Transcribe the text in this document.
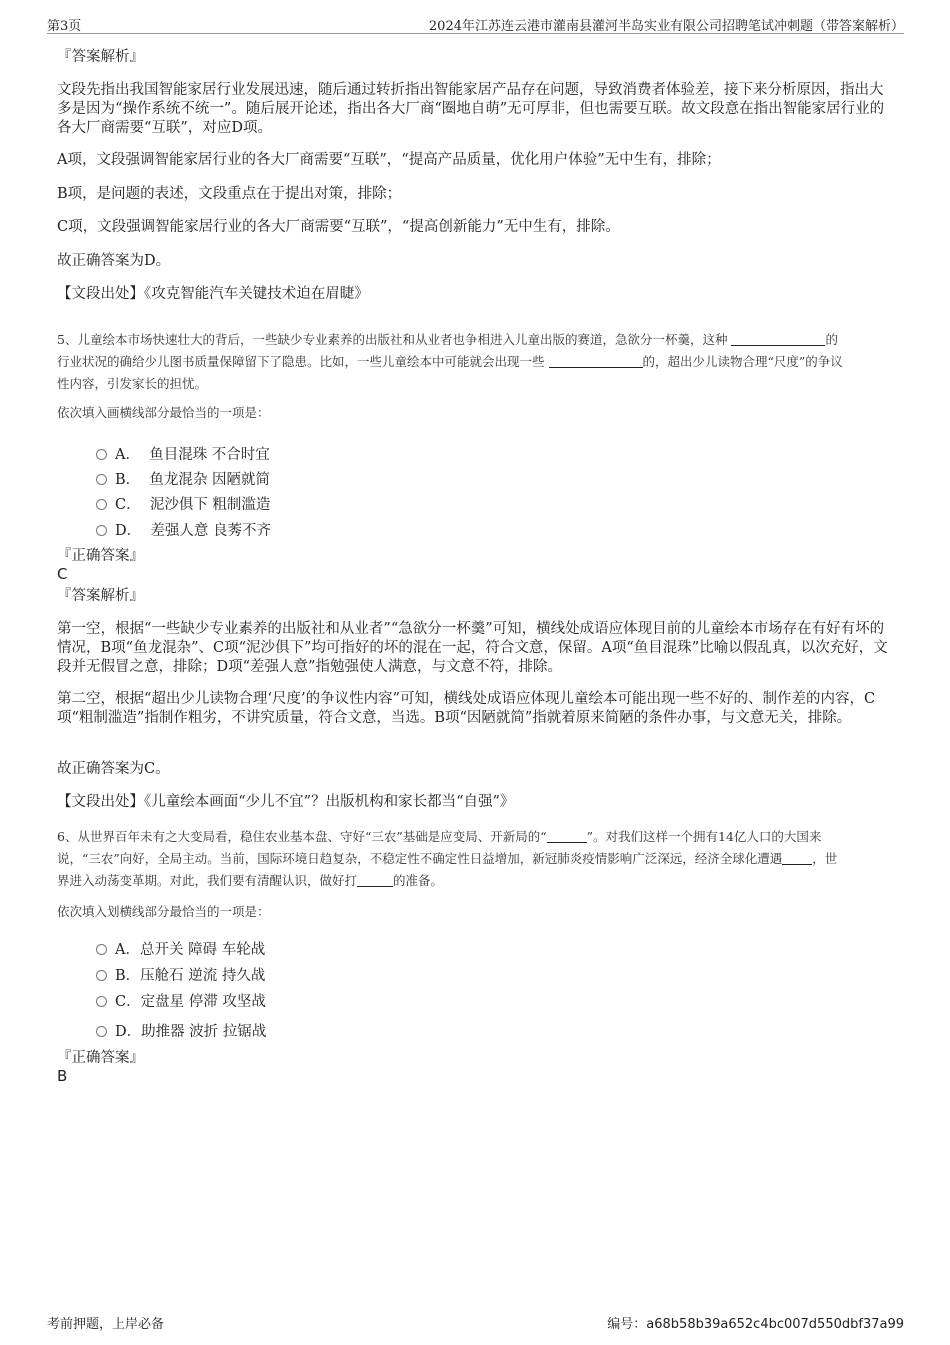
第3页	2024年江苏连云港市灌南县灌河半岛实业有限公司招聘笔试冲刺题（带答案解析）
『答案解析』
文段先指出我国智能家居行业发展迅速，随后通过转折指出智能家居产品存在问题，导致消费者体验差，接下来分析原因，指出大多是因为“操作系统不统一”。随后展开论述，指出各大厂商“圈地自萌”无可厚非，但也需要互联。故文段意在指出智能家居行业的各大厂商需要“互联”，对应D项。
A项，文段强调智能家居行业的各大厂商需要“互联”，“提高产品质量，优化用户体验”无中生有，排除；
B项，是问题的表述，文段重点在于提出对策，排除；
C项，文段强调智能家居行业的各大厂商需要“互联”，“提高创新能力”无中生有，排除。
故正确答案为D。
【文段出处】《攻克智能汽车关键技术迫在眉睫》
5、儿童绘本市场快速壮大的背后，一些缺少专业素养的出版社和从业者也争相进入儿童出版的赛道，急欲分一杯羹，这种	的
行业状况的确给少儿图书质量保障留下了隐患。比如，一些儿童绘本中可能就会出现一些	的，超出少儿读物合理“尺度”的争议
性内容，引发家长的担忧。
依次填入画横线部分最恰当的一项是：
A． 鱼目混珠 不合时宜
B． 鱼龙混杂 因陋就简
C． 泥沙俱下 粗制滥造
D． 差强人意 良莠不齐
『正确答案』
C
『答案解析』
第一空，根据“一些缺少专业素养的出版社和从业者”“急欲分一杯羹”可知，横线处成语应体现目前的儿童绘本市场存在有好有坏的情况，B项“鱼龙混杂”、C项“泥沙俱下”均可指好的坏的混在一起，符合文意，保留。A项“鱼目混珠”比喻以假乱真，以次充好，文段并无假冒之意，排除；D项“差强人意”指勉强使人满意，与文意不符，排除。
第二空，根据“超出少儿读物合理‘尺度’的争议性内容”可知，横线处成语应体现儿童绘本可能出现一些不好的、制作差的内容，C项“粗制滥造”指制作粗劣，不讲究质量，符合文意，当选。B项“因陋就简”指就着原来简陋的条件办事，与文意无关，排除。
故正确答案为C。
【文段出处】《儿童绘本画面“少儿不宜”？出版机构和家长都当“自强”》
6、从世界百年未有之大变局看，稳住农业基本盘、守好“三农”基础是应变局、开新局的“	”。对我们这样一个拥有14亿人口的大国来
说，“三农”向好，全局主动。当前，国际环境日趋复杂，不稳定性不确定性日益增加，新冠肺炎疫情影响广泛深远，经济全球化遭遇 ，世
界进入动荡变革期。对此，我们要有清醒认识，做好打	的准备。
依次填入划横线部分最恰当的一项是：
A．总开关 障碍 车轮战
B．压舱石 逆流 持久战
C．定盘星 停滞 攻坚战
D．助推器 波折 拉锯战
『正确答案』
B
考前押题，上岸必备	编号：a68b58b39a652c4bc007d550dbf37a99
